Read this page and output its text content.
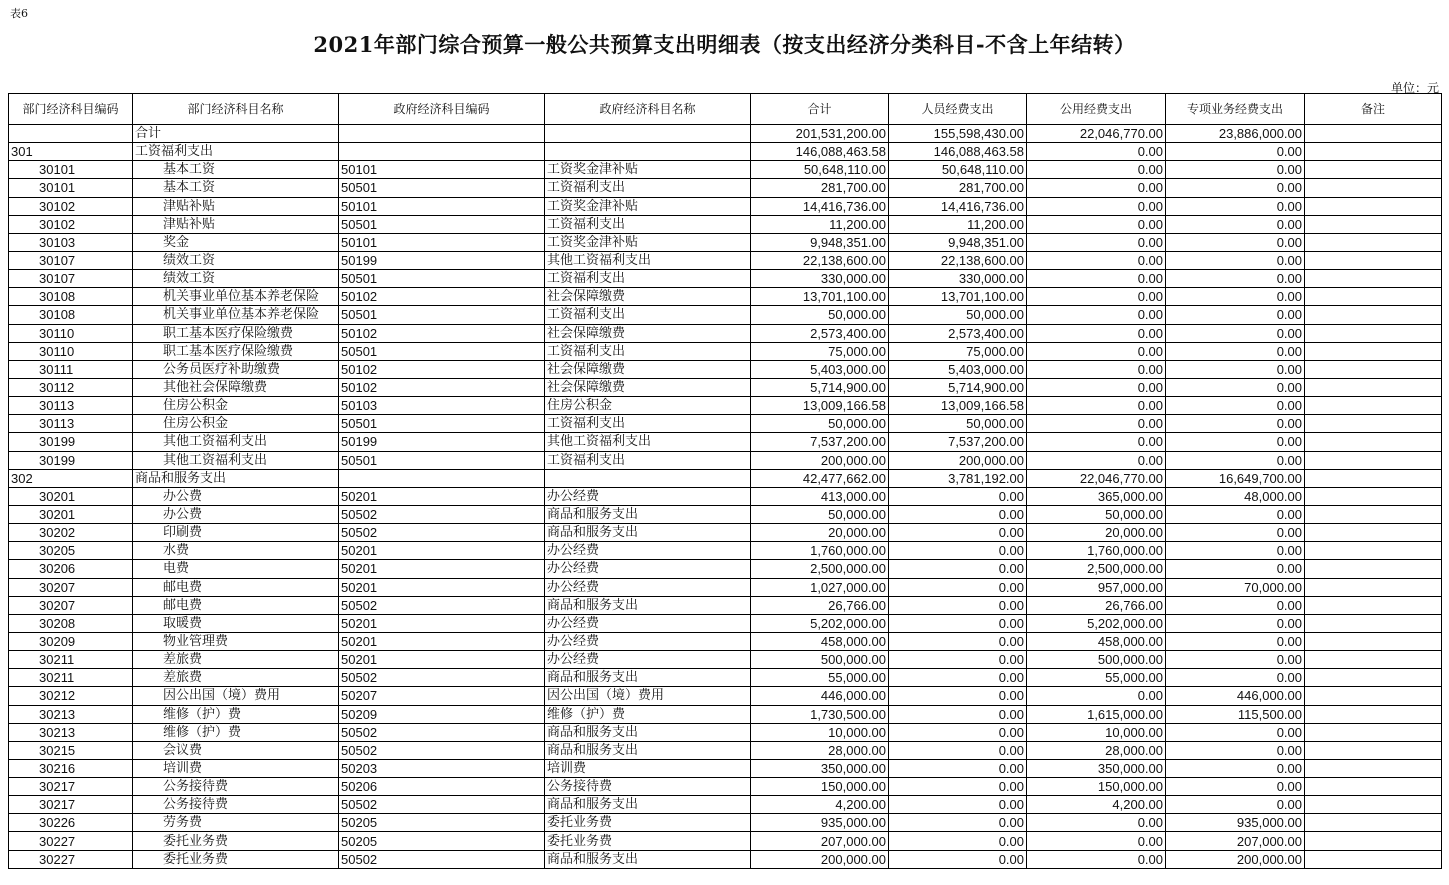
表6
2021年部门综合预算一般公共预算支出明细表（按支出经济分类科目-不含上年结转）
单位：元
部门经济科目编码	部门经济科目名称	政府经济科目编码	政府经济科目名称	合计	人员经费支出	公用经费支出	专项业务经费支出	备注
	合计			201,531,200.00	155,598,430.00	22,046,770.00	23,886,000.00	
301	工资福利支出			146,088,463.58	146,088,463.58	0.00	0.00	
30101	基本工资	50101	工资奖金津补贴	50,648,110.00	50,648,110.00	0.00	0.00	
30101	基本工资	50501	工资福利支出	281,700.00	281,700.00	0.00	0.00	
30102	津贴补贴	50101	工资奖金津补贴	14,416,736.00	14,416,736.00	0.00	0.00	
30102	津贴补贴	50501	工资福利支出	11,200.00	11,200.00	0.00	0.00	
30103	奖金	50101	工资奖金津补贴	9,948,351.00	9,948,351.00	0.00	0.00	
30107	绩效工资	50199	其他工资福利支出	22,138,600.00	22,138,600.00	0.00	0.00	
30107	绩效工资	50501	工资福利支出	330,000.00	330,000.00	0.00	0.00	
30108	机关事业单位基本养老保险	50102	社会保障缴费	13,701,100.00	13,701,100.00	0.00	0.00	
30108	机关事业单位基本养老保险	50501	工资福利支出	50,000.00	50,000.00	0.00	0.00	
30110	职工基本医疗保险缴费	50102	社会保障缴费	2,573,400.00	2,573,400.00	0.00	0.00	
30110	职工基本医疗保险缴费	50501	工资福利支出	75,000.00	75,000.00	0.00	0.00	
30111	公务员医疗补助缴费	50102	社会保障缴费	5,403,000.00	5,403,000.00	0.00	0.00	
30112	其他社会保障缴费	50102	社会保障缴费	5,714,900.00	5,714,900.00	0.00	0.00	
30113	住房公积金	50103	住房公积金	13,009,166.58	13,009,166.58	0.00	0.00	
30113	住房公积金	50501	工资福利支出	50,000.00	50,000.00	0.00	0.00	
30199	其他工资福利支出	50199	其他工资福利支出	7,537,200.00	7,537,200.00	0.00	0.00	
30199	其他工资福利支出	50501	工资福利支出	200,000.00	200,000.00	0.00	0.00	
302	商品和服务支出			42,477,662.00	3,781,192.00	22,046,770.00	16,649,700.00	
30201	办公费	50201	办公经费	413,000.00	0.00	365,000.00	48,000.00	
30201	办公费	50502	商品和服务支出	50,000.00	0.00	50,000.00	0.00	
30202	印刷费	50502	商品和服务支出	20,000.00	0.00	20,000.00	0.00	
30205	水费	50201	办公经费	1,760,000.00	0.00	1,760,000.00	0.00	
30206	电费	50201	办公经费	2,500,000.00	0.00	2,500,000.00	0.00	
30207	邮电费	50201	办公经费	1,027,000.00	0.00	957,000.00	70,000.00	
30207	邮电费	50502	商品和服务支出	26,766.00	0.00	26,766.00	0.00	
30208	取暖费	50201	办公经费	5,202,000.00	0.00	5,202,000.00	0.00	
30209	物业管理费	50201	办公经费	458,000.00	0.00	458,000.00	0.00	
30211	差旅费	50201	办公经费	500,000.00	0.00	500,000.00	0.00	
30211	差旅费	50502	商品和服务支出	55,000.00	0.00	55,000.00	0.00	
30212	因公出国（境）费用	50207	因公出国（境）费用	446,000.00	0.00	0.00	446,000.00	
30213	维修（护）费	50209	维修（护）费	1,730,500.00	0.00	1,615,000.00	115,500.00	
30213	维修（护）费	50502	商品和服务支出	10,000.00	0.00	10,000.00	0.00	
30215	会议费	50502	商品和服务支出	28,000.00	0.00	28,000.00	0.00	
30216	培训费	50203	培训费	350,000.00	0.00	350,000.00	0.00	
30217	公务接待费	50206	公务接待费	150,000.00	0.00	150,000.00	0.00	
30217	公务接待费	50502	商品和服务支出	4,200.00	0.00	4,200.00	0.00	
30226	劳务费	50205	委托业务费	935,000.00	0.00	0.00	935,000.00	
30227	委托业务费	50205	委托业务费	207,000.00	0.00	0.00	207,000.00	
30227	委托业务费	50502	商品和服务支出	200,000.00	0.00	0.00	200,000.00	
